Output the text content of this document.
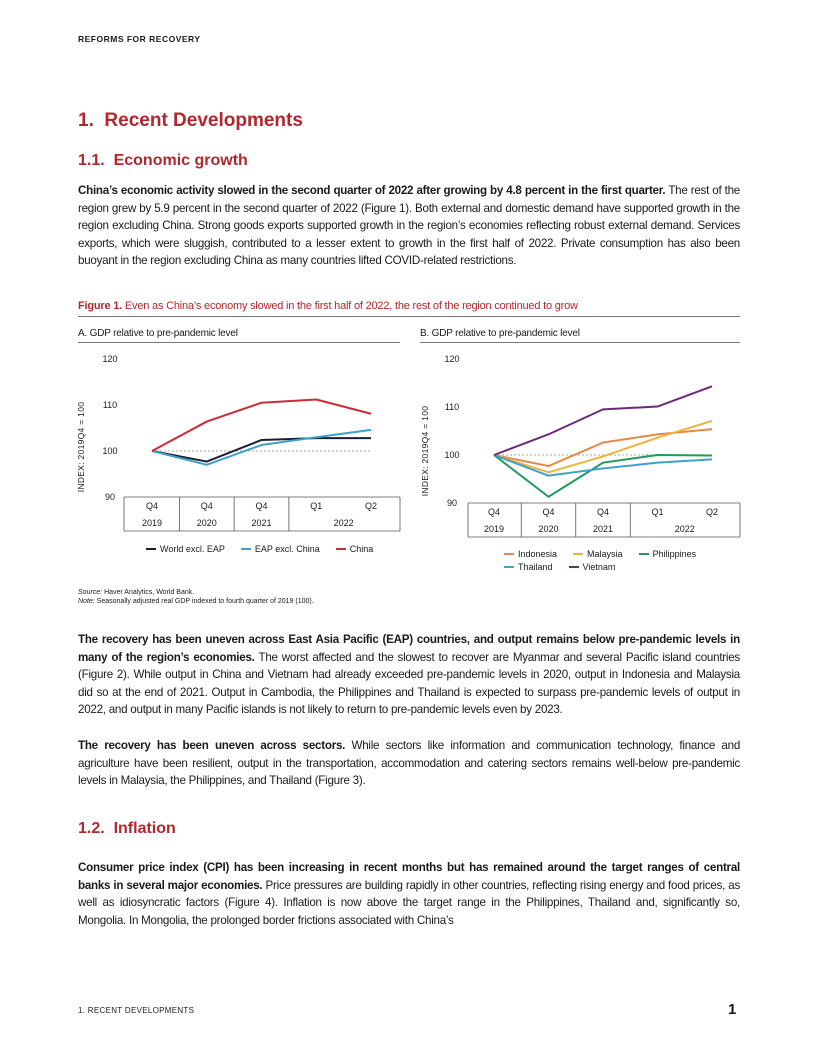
REFORMS FOR RECOVERY
1. Recent Developments
1.1. Economic growth
China’s economic activity slowed in the second quarter of 2022 after growing by 4.8 percent in the first quarter. The rest of the region grew by 5.9 percent in the second quarter of 2022 (Figure 1). Both external and domestic demand have supported growth in the region excluding China. Strong goods exports supported growth in the region’s economies reflecting robust external demand. Services exports, which were sluggish, contributed to a lesser extent to growth in the first half of 2022. Private consumption has also been buoyant in the region excluding China as many countries lifted COVID-related restrictions.
Figure 1. Even as China’s economy slowed in the first half of 2022, the rest of the region continued to grow
A. GDP relative to pre-pandemic level	B. GDP relative to pre-pandemic level
90
100
110
120
INDEX: 2019Q4 = 100
Q4	Q4	Q4	Q1	Q2
2019	2020	2021	2022
90
100
110
120
INDEX: 2019Q4 = 100
Q4	Q4	Q4	Q1	Q2
2019	2020	2021	2022
World excl. EAP	EAP excl. China	China	Indonesia	Malaysia	Philippines
Thailand	Vietnam
Source: Haver Analytics, World Bank.
Note: Seasonally adjusted real GDP indexed to fourth quarter of 2019 (100).
The recovery has been uneven across East Asia Pacific (EAP) countries, and output remains below pre-pandemic levels in many of the region’s economies. The worst affected and the slowest to recover are Myanmar and several Pacific island countries (Figure 2). While output in China and Vietnam had already exceeded pre-pandemic levels in 2020, output in Indonesia and Malaysia did so at the end of 2021. Output in Cambodia, the Philippines and Thailand is expected to surpass pre-pandemic levels of output in 2022, and output in many Pacific islands is not likely to return to pre-pandemic levels even by 2023.
The recovery has been uneven across sectors. While sectors like information and communication technology, finance and agriculture have been resilient, output in the transportation, accommodation and catering sectors remains well-below pre-pandemic levels in Malaysia, the Philippines, and Thailand (Figure 3).
1.2. Inflation
Consumer price index (CPI) has been increasing in recent months but has remained around the target ranges of central banks in several major economies. Price pressures are building rapidly in other countries, reflecting rising energy and food prices, as well as idiosyncratic factors (Figure 4). Inflation is now above the target range in the Philippines, Thailand and, significantly so, Mongolia. In Mongolia, the prolonged border frictions associated with China’s
1. RECENT DEVELOPMENTS	1
